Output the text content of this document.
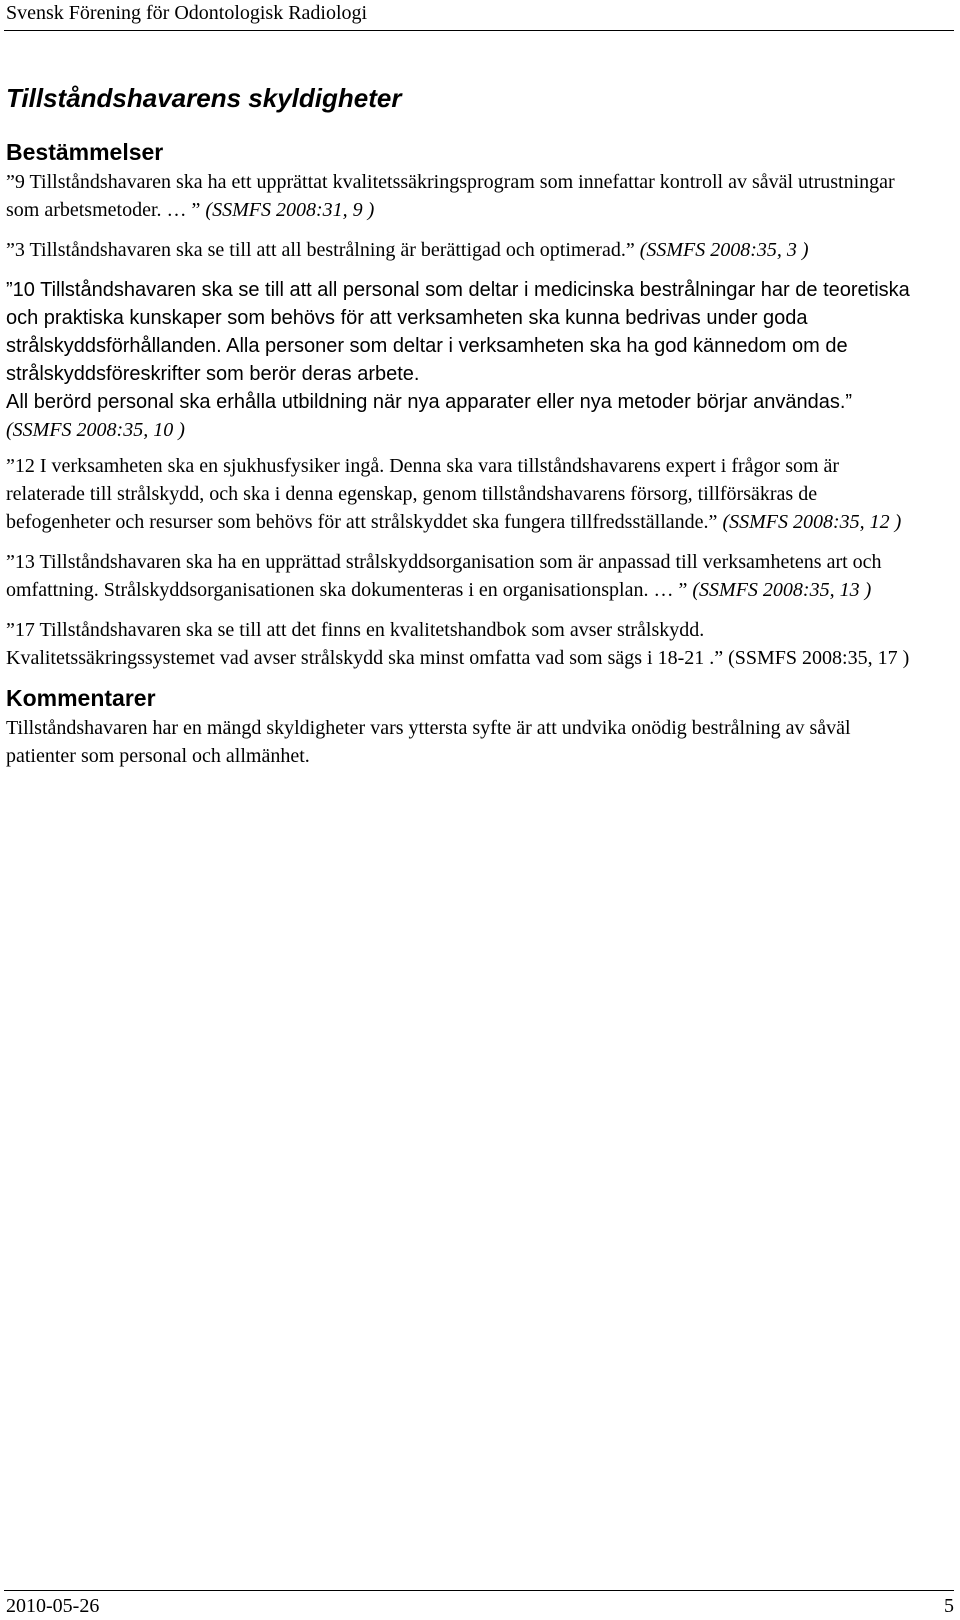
Svensk Förening för Odontologisk Radiologi
Tillståndshavarens skyldigheter
Bestämmelser

”9 Tillståndshavaren ska ha ett upprättat kvalitetssäkringsprogram som innefattar kontroll av såväl utrustningar som arbetsmetoder. … ” (SSMFS 2008:31, 9 )

”3 Tillståndshavaren ska se till att all bestrålning är berättigad och optimerad.” (SSMFS 2008:35, 3 )

”10 Tillståndshavaren ska se till att all personal som deltar i medicinska bestrålningar har de teoretiska och praktiska kunskaper som behövs för att verksamheten ska kunna bedrivas under goda strålskyddsförhållanden. Alla personer som deltar i verksamheten ska ha god kännedom om de strålskyddsföreskrifter som berör deras arbete.
All berörd personal ska erhålla utbildning när nya apparater eller nya metoder börjar användas.” (SSMFS 2008:35, 10 )

”12 I verksamheten ska en sjukhusfysiker ingå. Denna ska vara tillståndshavarens expert i frågor som är relaterade till strålskydd, och ska i denna egenskap, genom tillståndshavarens försorg, tillförsäkras de befogenheter och resurser som behövs för att strålskyddet ska fungera tillfredsställande.” (SSMFS 2008:35, 12 )

”13 Tillståndshavaren ska ha en upprättad strålskyddsorganisation som är anpassad till verksamhetens art och omfattning. Strålskyddsorganisationen ska dokumenteras i en organisationsplan. … ” (SSMFS 2008:35, 13 )

”17 Tillståndshavaren ska se till att det finns en kvalitetshandbok som avser strålskydd. Kvalitetssäkringssystemet vad avser strålskydd ska minst omfatta vad som sägs i 18-21 .” (SSMFS 2008:35, 17 )

Kommentarer

Tillståndshavaren har en mängd skyldigheter vars yttersta syfte är att undvika onödig bestrålning av såväl patienter som personal och allmänhet.

2010-05-26	5
